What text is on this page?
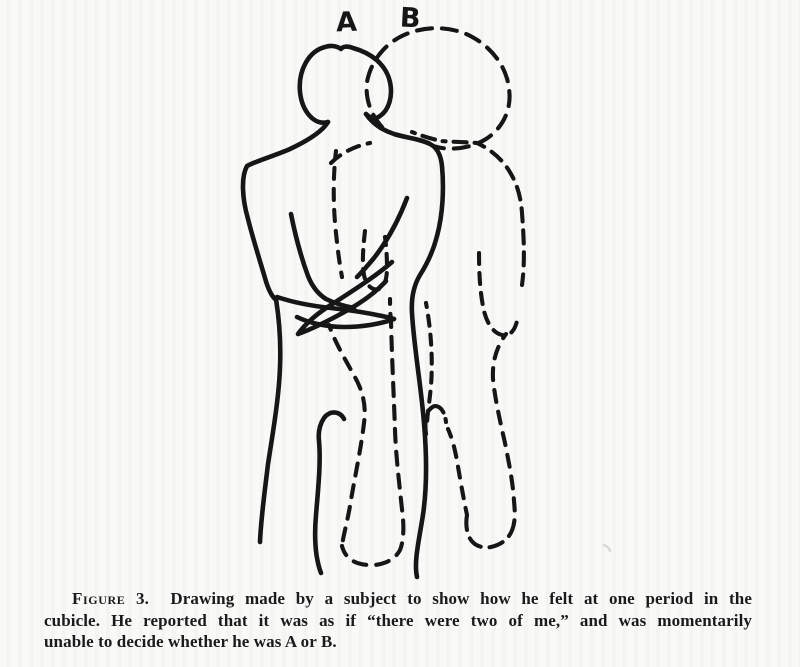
A B

Figure 3. Drawing made by a subject to show how he felt at one period in the
cubicle. He reported that it was as if “there were two of me,” and was momentarily
unable to decide whether he was A or B.
